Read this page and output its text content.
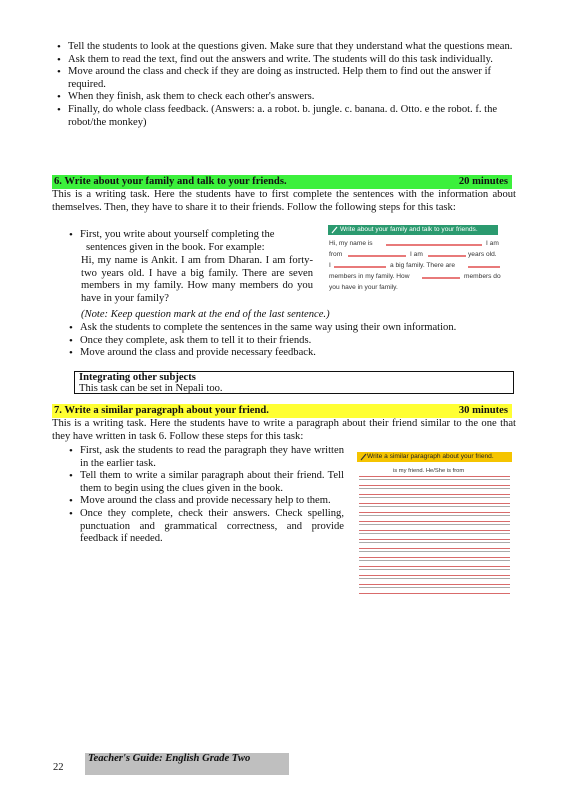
• Tell the students to look at the questions given. Make sure that they understand what the questions mean.
• Ask them to read the text, find out the answers and write. The students will do this task individually.
• Move around the class and check if they are doing as instructed. Help them to find out the answer if required.
• When they finish, ask them to check each other's answers.
• Finally, do whole class feedback. (Answers: a. a robot. b. jungle. c. banana. d. Otto. e the robot. f. the robot/the monkey)
6. Write about your family and talk to your friends.	20 minutes
This is a writing task. Here the students have to first complete the sentences with the information about themselves. Then, they have to share it to their friends. Follow the following steps for this task:
• First, you write about yourself completing the
sentences given in the book. For example:
Hi, my name is Ankit. I am from Dharan. I am forty-two years old. I have a big family. There are seven members in my family. How many members do you have in your family?
(Note: Keep question mark at the end of the last sentence.)
Write about your family and talk to your friends.
Hi, my name is	I am
from	I am	years old.
I	a big family. There are
members in my family. How	members do
you have in your family.
• Ask the students to complete the sentences in the same way using their own information.
• Once they complete, ask them to tell it to their friends.
• Move around the class and provide necessary feedback.
Integrating other subjects
This task can be set in Nepali too.
7. Write a similar paragraph about your friend.	30 minutes
This is a writing task. Here the students have to write a paragraph about their friend similar to the one that they have written in task 6. Follow these steps for this task:
• First, ask the students to read the paragraph they have written in the earlier task.
• Tell them to write a similar paragraph about their friend. Tell them to begin using the clues given in the book.
• Move around the class and provide necessary help to them.
• Once they complete, check their answers. Check spelling, punctuation and grammatical correctness, and provide feedback if needed.
Write a similar paragraph about your friend.
is my friend. He/She is from
22
Teacher's Guide: English Grade Two
